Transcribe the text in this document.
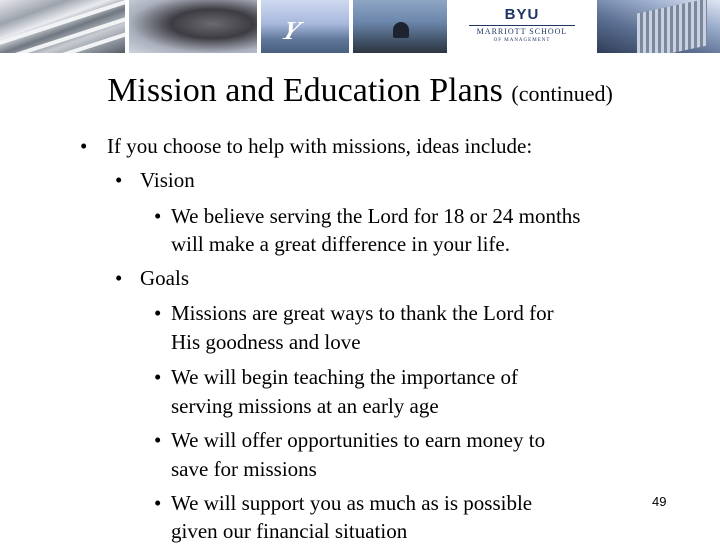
Y
BYU
MARRIOTT SCHOOL
OF MANAGEMENT
Mission and Education Plans (continued)
• If you choose to help with missions, ideas include:
• Vision
• We believe serving the Lord for 18 or 24 months
will make a great difference in your life.
• Goals
• Missions are great ways to thank the Lord for
His goodness and love
• We will begin teaching the importance of
serving missions at an early age
• We will offer opportunities to earn money to
save for missions
• We will support you as much as is possible
given our financial situation
49
